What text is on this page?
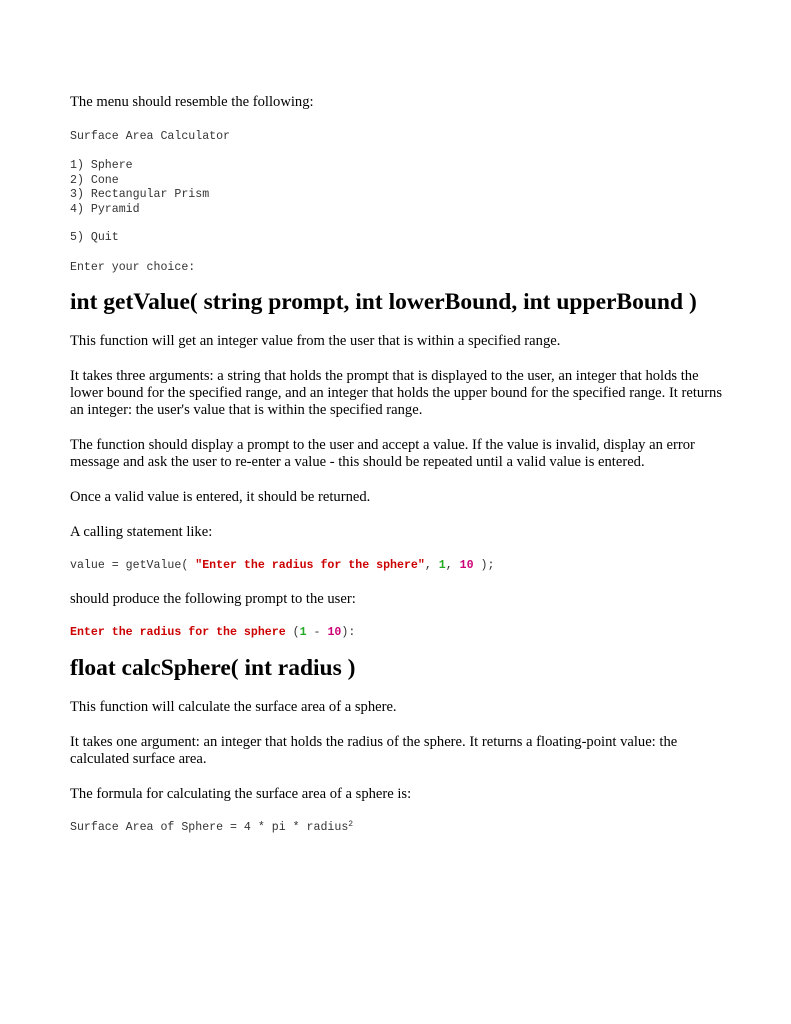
The menu should resemble the following:

Surface Area Calculator
1) Sphere
2) Cone
3) Rectangular Prism
4) Pyramid
5) Quit
Enter your choice:
int getValue( string prompt, int lowerBound, int upperBound )

This function will get an integer value from the user that is within a specified range.

It takes three arguments: a string that holds the prompt that is displayed to the user, an integer that holds the lower bound for the specified range, and an integer that holds the upper bound for the specified range. It returns an integer: the user's value that is within the specified range.

The function should display a prompt to the user and accept a value. If the value is invalid, display an error message and ask the user to re-enter a value - this should be repeated until a valid value is entered.

Once a valid value is entered, it should be returned.

A calling statement like:

value = getValue( "Enter the radius for the sphere", 1, 10 );

should produce the following prompt to the user:

Enter the radius for the sphere (1 - 10):
float calcSphere( int radius )

This function will calculate the surface area of a sphere.

It takes one argument: an integer that holds the radius of the sphere. It returns a floating-point value: the calculated surface area.

The formula for calculating the surface area of a sphere is:

Surface Area of Sphere = 4 * pi * radius$^2$
